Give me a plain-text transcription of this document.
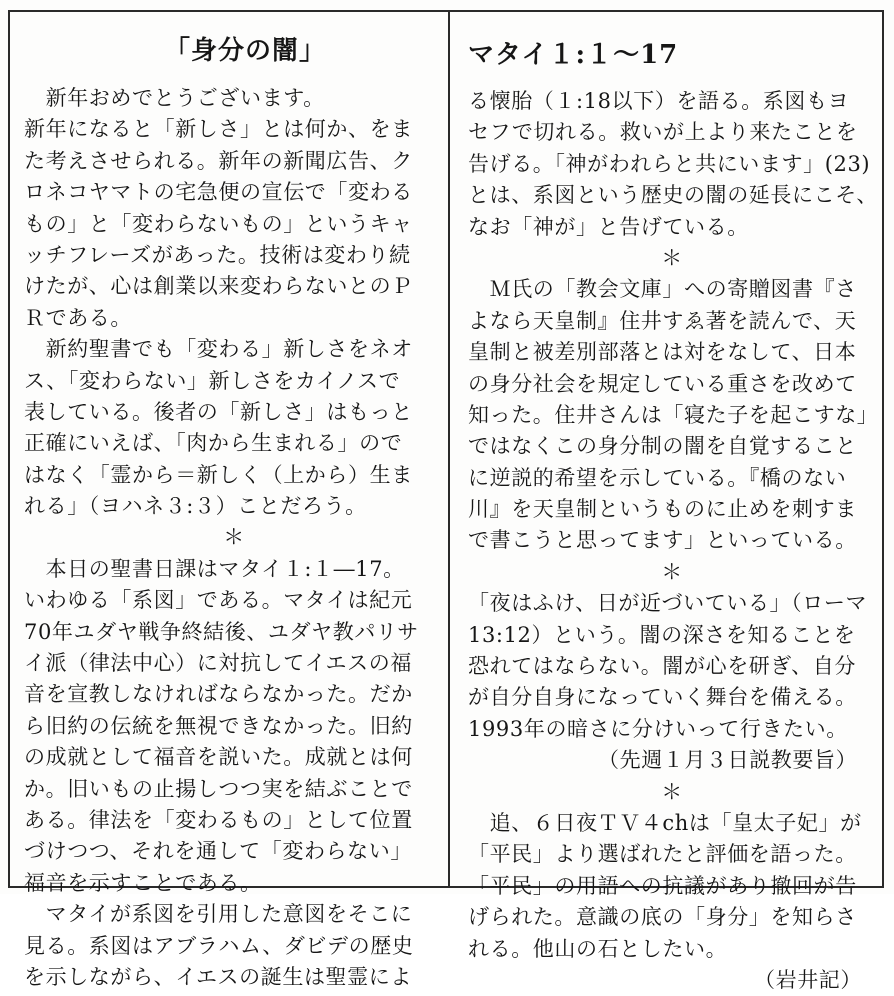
「身分の闇」
　新年おめでとうございます。
新年になると「新しさ」とは何か、をま
た考えさせられる。新年の新聞広告、ク
ロネコヤマトの宅急便の宣伝で「変わる
もの」と「変わらないもの」というキャ
ッチフレーズがあった。技術は変わり続
けたが、心は創業以来変わらないとのＰ
Ｒである。
　新約聖書でも「変わる」新しさをネオ
ス、「変わらない」新しさをカイノスで
表している。後者の「新しさ」はもっと
正確にいえば、「肉から生まれる」ので
はなく「霊から＝新しく（上から）生ま
れる」（ヨハネ３:３）ことだろう。
＊
　本日の聖書日課はマタイ１:１―17。
いわゆる「系図」である。マタイは紀元
70年ユダヤ戦争終結後、ユダヤ教パリサ
イ派（律法中心）に対抗してイエスの福
音を宣教しなければならなかった。だか
ら旧約の伝統を無視できなかった。旧約
の成就として福音を説いた。成就とは何
か。旧いもの止揚しつつ実を結ぶことで
ある。律法を「変わるもの」として位置
づけつつ、それを通して「変わらない」
福音を示すことである。
　マタイが系図を引用した意図をそこに
見る。系図はアブラハム、ダビデの歴史
を示しながら、イエスの誕生は聖霊によ
マタイ１:１～17
る懐胎（１:18以下）を語る。系図もヨ
セフで切れる。救いが上より来たことを
告げる。「神がわれらと共にいます」(23)
とは、系図という歴史の闇の延長にこそ、
なお「神が」と告げている。
＊
　Ｍ氏の「教会文庫」への寄贈図書『さ
よなら天皇制』住井すゑ著を読んで、天
皇制と被差別部落とは対をなして、日本
の身分社会を規定している重さを改めて
知った。住井さんは「寝た子を起こすな」
ではなくこの身分制の闇を自覚すること
に逆説的希望を示している。『橋のない
川』を天皇制というものに止めを刺すま
で書こうと思ってます」といっている。
＊
「夜はふけ、日が近づいている」（ローマ
13:12）という。闇の深さを知ることを
恐れてはならない。闇が心を研ぎ、自分
が自分自身になっていく舞台を備える。
1993年の暗さに分けいって行きたい。
（先週１月３日説教要旨）
＊
　追、６日夜ＴＶ４chは「皇太子妃」が
「平民」より選ばれたと評価を語った。
「平民」の用語への抗議があり撤回が告
げられた。意識の底の「身分」を知らさ
れる。他山の石としたい。
（岩井記）
